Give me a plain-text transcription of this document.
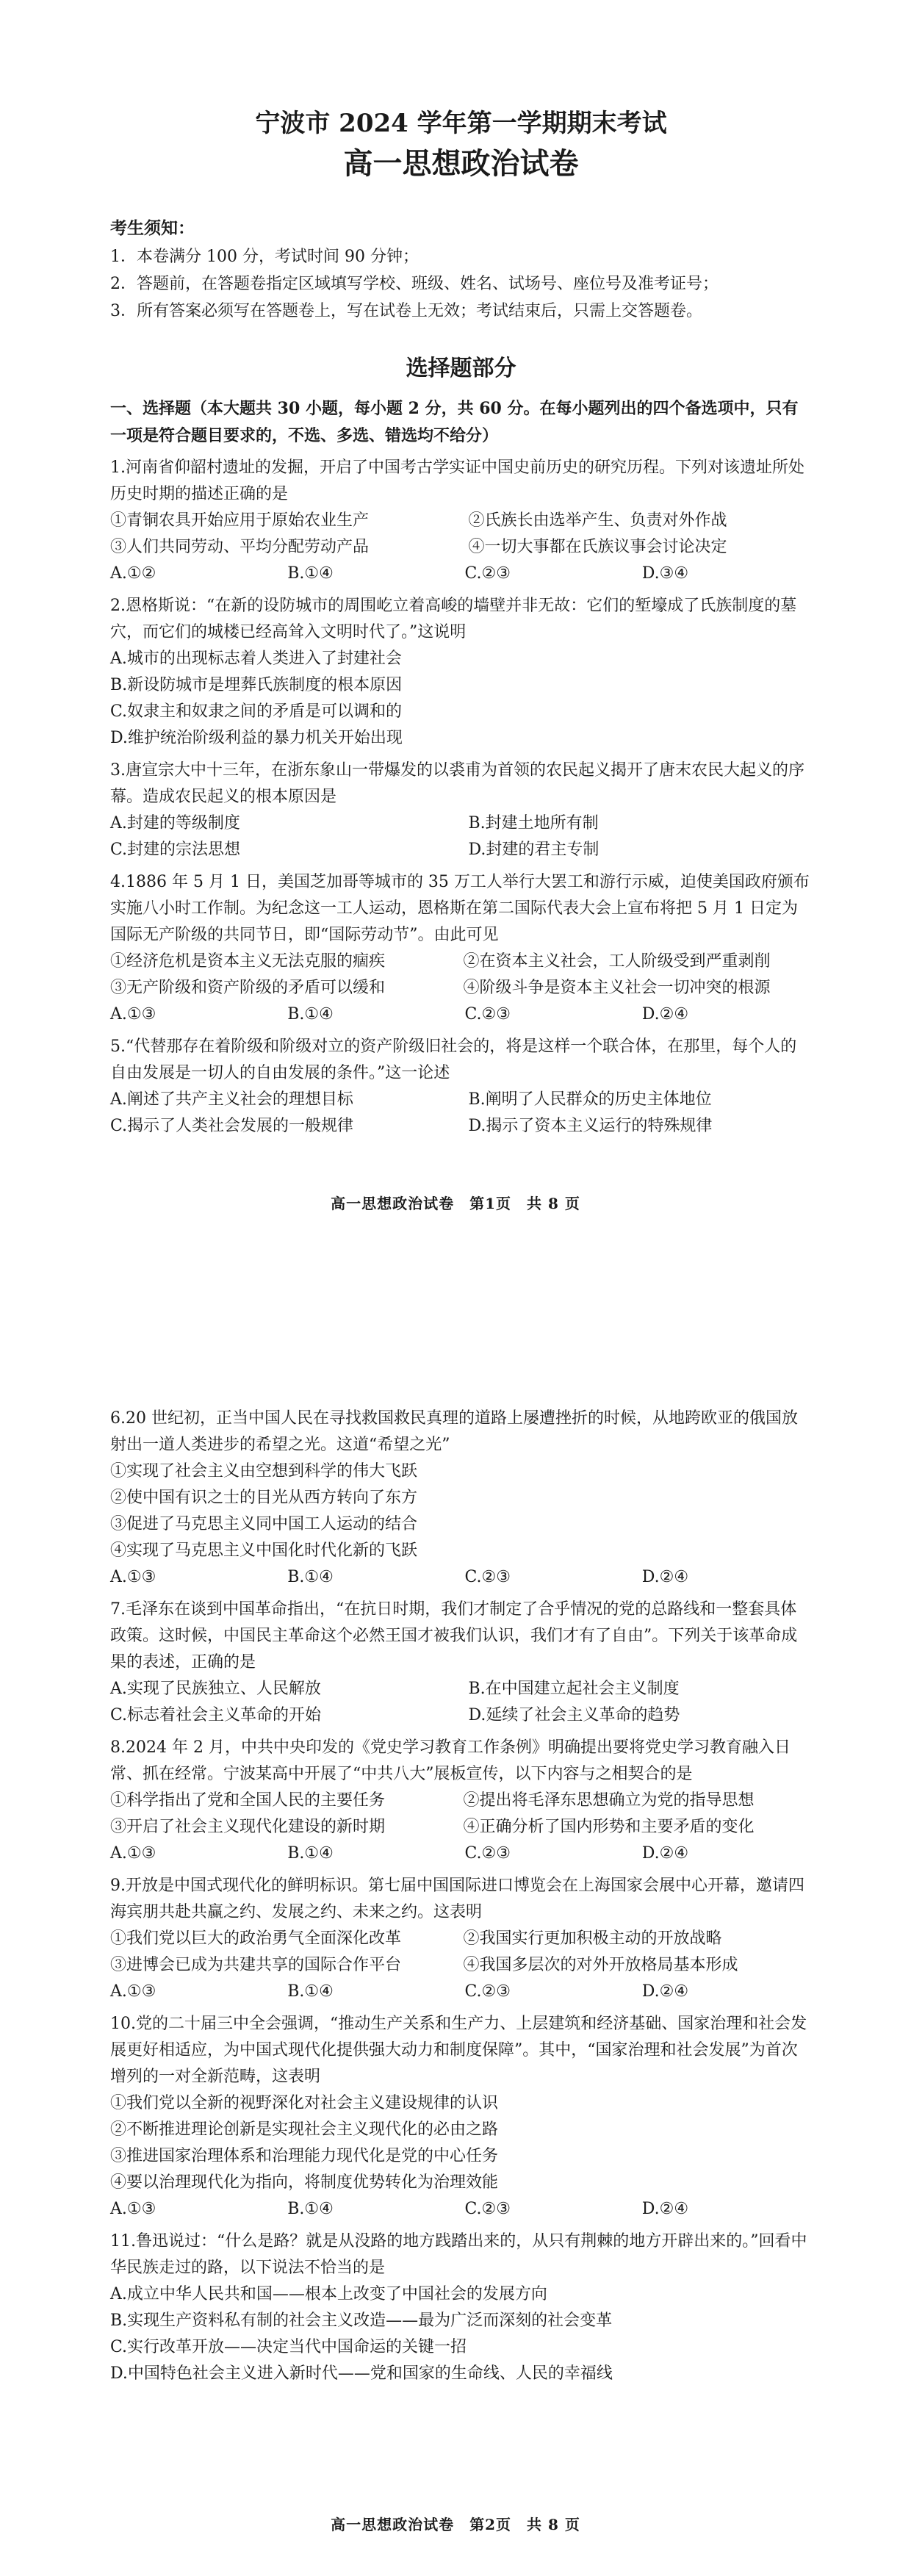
宁波市 2024 学年第一学期期末考试
高一思想政治试卷
考生须知：
1．本卷满分 100 分，考试时间 90 分钟；
2．答题前，在答题卷指定区域填写学校、班级、姓名、试场号、座位号及准考证号；
3．所有答案必须写在答题卷上，写在试卷上无效；考试结束后，只需上交答题卷。
选择题部分
一、选择题（本大题共 30 小题，每小题 2 分，共 60 分。在每小题列出的四个备选项中，只有一项是符合题目要求的，不选、多选、错选均不给分）
1.河南省仰韶村遗址的发掘，开启了中国考古学实证中国史前历史的研究历程。下列对该遗址所处历史时期的描述正确的是
①青铜农具开始应用于原始农业生产	②氏族长由选举产生、负责对外作战
③人们共同劳动、平均分配劳动产品	④一切大事都在氏族议事会讨论决定
A.①②	B.①④	C.②③	D.③④
2.恩格斯说：“在新的设防城市的周围屹立着高峻的墙壁并非无故：它们的堑壕成了氏族制度的墓穴，而它们的城楼已经高耸入文明时代了。”这说明
A.城市的出现标志着人类进入了封建社会
B.新设防城市是埋葬氏族制度的根本原因
C.奴隶主和奴隶之间的矛盾是可以调和的
D.维护统治阶级利益的暴力机关开始出现
3.唐宣宗大中十三年，在浙东象山一带爆发的以裘甫为首领的农民起义揭开了唐末农民大起义的序幕。造成农民起义的根本原因是
A.封建的等级制度	B.封建土地所有制
C.封建的宗法思想	D.封建的君主专制
4.1886 年 5 月 1 日，美国芝加哥等城市的 35 万工人举行大罢工和游行示威，迫使美国政府颁布实施八小时工作制。为纪念这一工人运动，恩格斯在第二国际代表大会上宣布将把 5 月 1 日定为国际无产阶级的共同节日，即“国际劳动节”。由此可见
①经济危机是资本主义无法克服的痼疾	②在资本主义社会，工人阶级受到严重剥削
③无产阶级和资产阶级的矛盾可以缓和	④阶级斗争是资本主义社会一切冲突的根源
A.①③	B.①④	C.②③	D.②④
5.“代替那存在着阶级和阶级对立的资产阶级旧社会的，将是这样一个联合体，在那里，每个人的自由发展是一切人的自由发展的条件。”这一论述
A.阐述了共产主义社会的理想目标	B.阐明了人民群众的历史主体地位
C.揭示了人类社会发展的一般规律	D.揭示了资本主义运行的特殊规律
高一思想政治试卷　第1页　共 8 页
6.20 世纪初，正当中国人民在寻找救国救民真理的道路上屡遭挫折的时候，从地跨欧亚的俄国放射出一道人类进步的希望之光。这道“希望之光”
①实现了社会主义由空想到科学的伟大飞跃
②使中国有识之士的目光从西方转向了东方
③促进了马克思主义同中国工人运动的结合
④实现了马克思主义中国化时代化新的飞跃
A.①③	B.①④	C.②③	D.②④
7.毛泽东在谈到中国革命指出，“在抗日时期，我们才制定了合乎情况的党的总路线和一整套具体政策。这时候，中国民主革命这个必然王国才被我们认识，我们才有了自由”。下列关于该革命成果的表述，正确的是
A.实现了民族独立、人民解放	B.在中国建立起社会主义制度
C.标志着社会主义革命的开始	D.延续了社会主义革命的趋势
8.2024 年 2 月，中共中央印发的《党史学习教育工作条例》明确提出要将党史学习教育融入日常、抓在经常。宁波某高中开展了“中共八大”展板宣传，以下内容与之相契合的是
①科学指出了党和全国人民的主要任务	②提出将毛泽东思想确立为党的指导思想
③开启了社会主义现代化建设的新时期	④正确分析了国内形势和主要矛盾的变化
A.①③	B.①④	C.②③	D.②④
9.开放是中国式现代化的鲜明标识。第七届中国国际进口博览会在上海国家会展中心开幕，邀请四海宾朋共赴共赢之约、发展之约、未来之约。这表明
①我们党以巨大的政治勇气全面深化改革	②我国实行更加积极主动的开放战略
③进博会已成为共建共享的国际合作平台	④我国多层次的对外开放格局基本形成
A.①③	B.①④	C.②③	D.②④
10.党的二十届三中全会强调，“推动生产关系和生产力、上层建筑和经济基础、国家治理和社会发展更好相适应，为中国式现代化提供强大动力和制度保障”。其中，“国家治理和社会发展”为首次增列的一对全新范畴，这表明
①我们党以全新的视野深化对社会主义建设规律的认识
②不断推进理论创新是实现社会主义现代化的必由之路
③推进国家治理体系和治理能力现代化是党的中心任务
④要以治理现代化为指向，将制度优势转化为治理效能
A.①③	B.①④	C.②③	D.②④
11.鲁迅说过：“什么是路？就是从没路的地方践踏出来的，从只有荆棘的地方开辟出来的。”回看中华民族走过的路，以下说法不恰当的是
A.成立中华人民共和国——根本上改变了中国社会的发展方向
B.实现生产资料私有制的社会主义改造——最为广泛而深刻的社会变革
C.实行改革开放——决定当代中国命运的关键一招
D.中国特色社会主义进入新时代——党和国家的生命线、人民的幸福线
高一思想政治试卷　第2页　共 8 页
